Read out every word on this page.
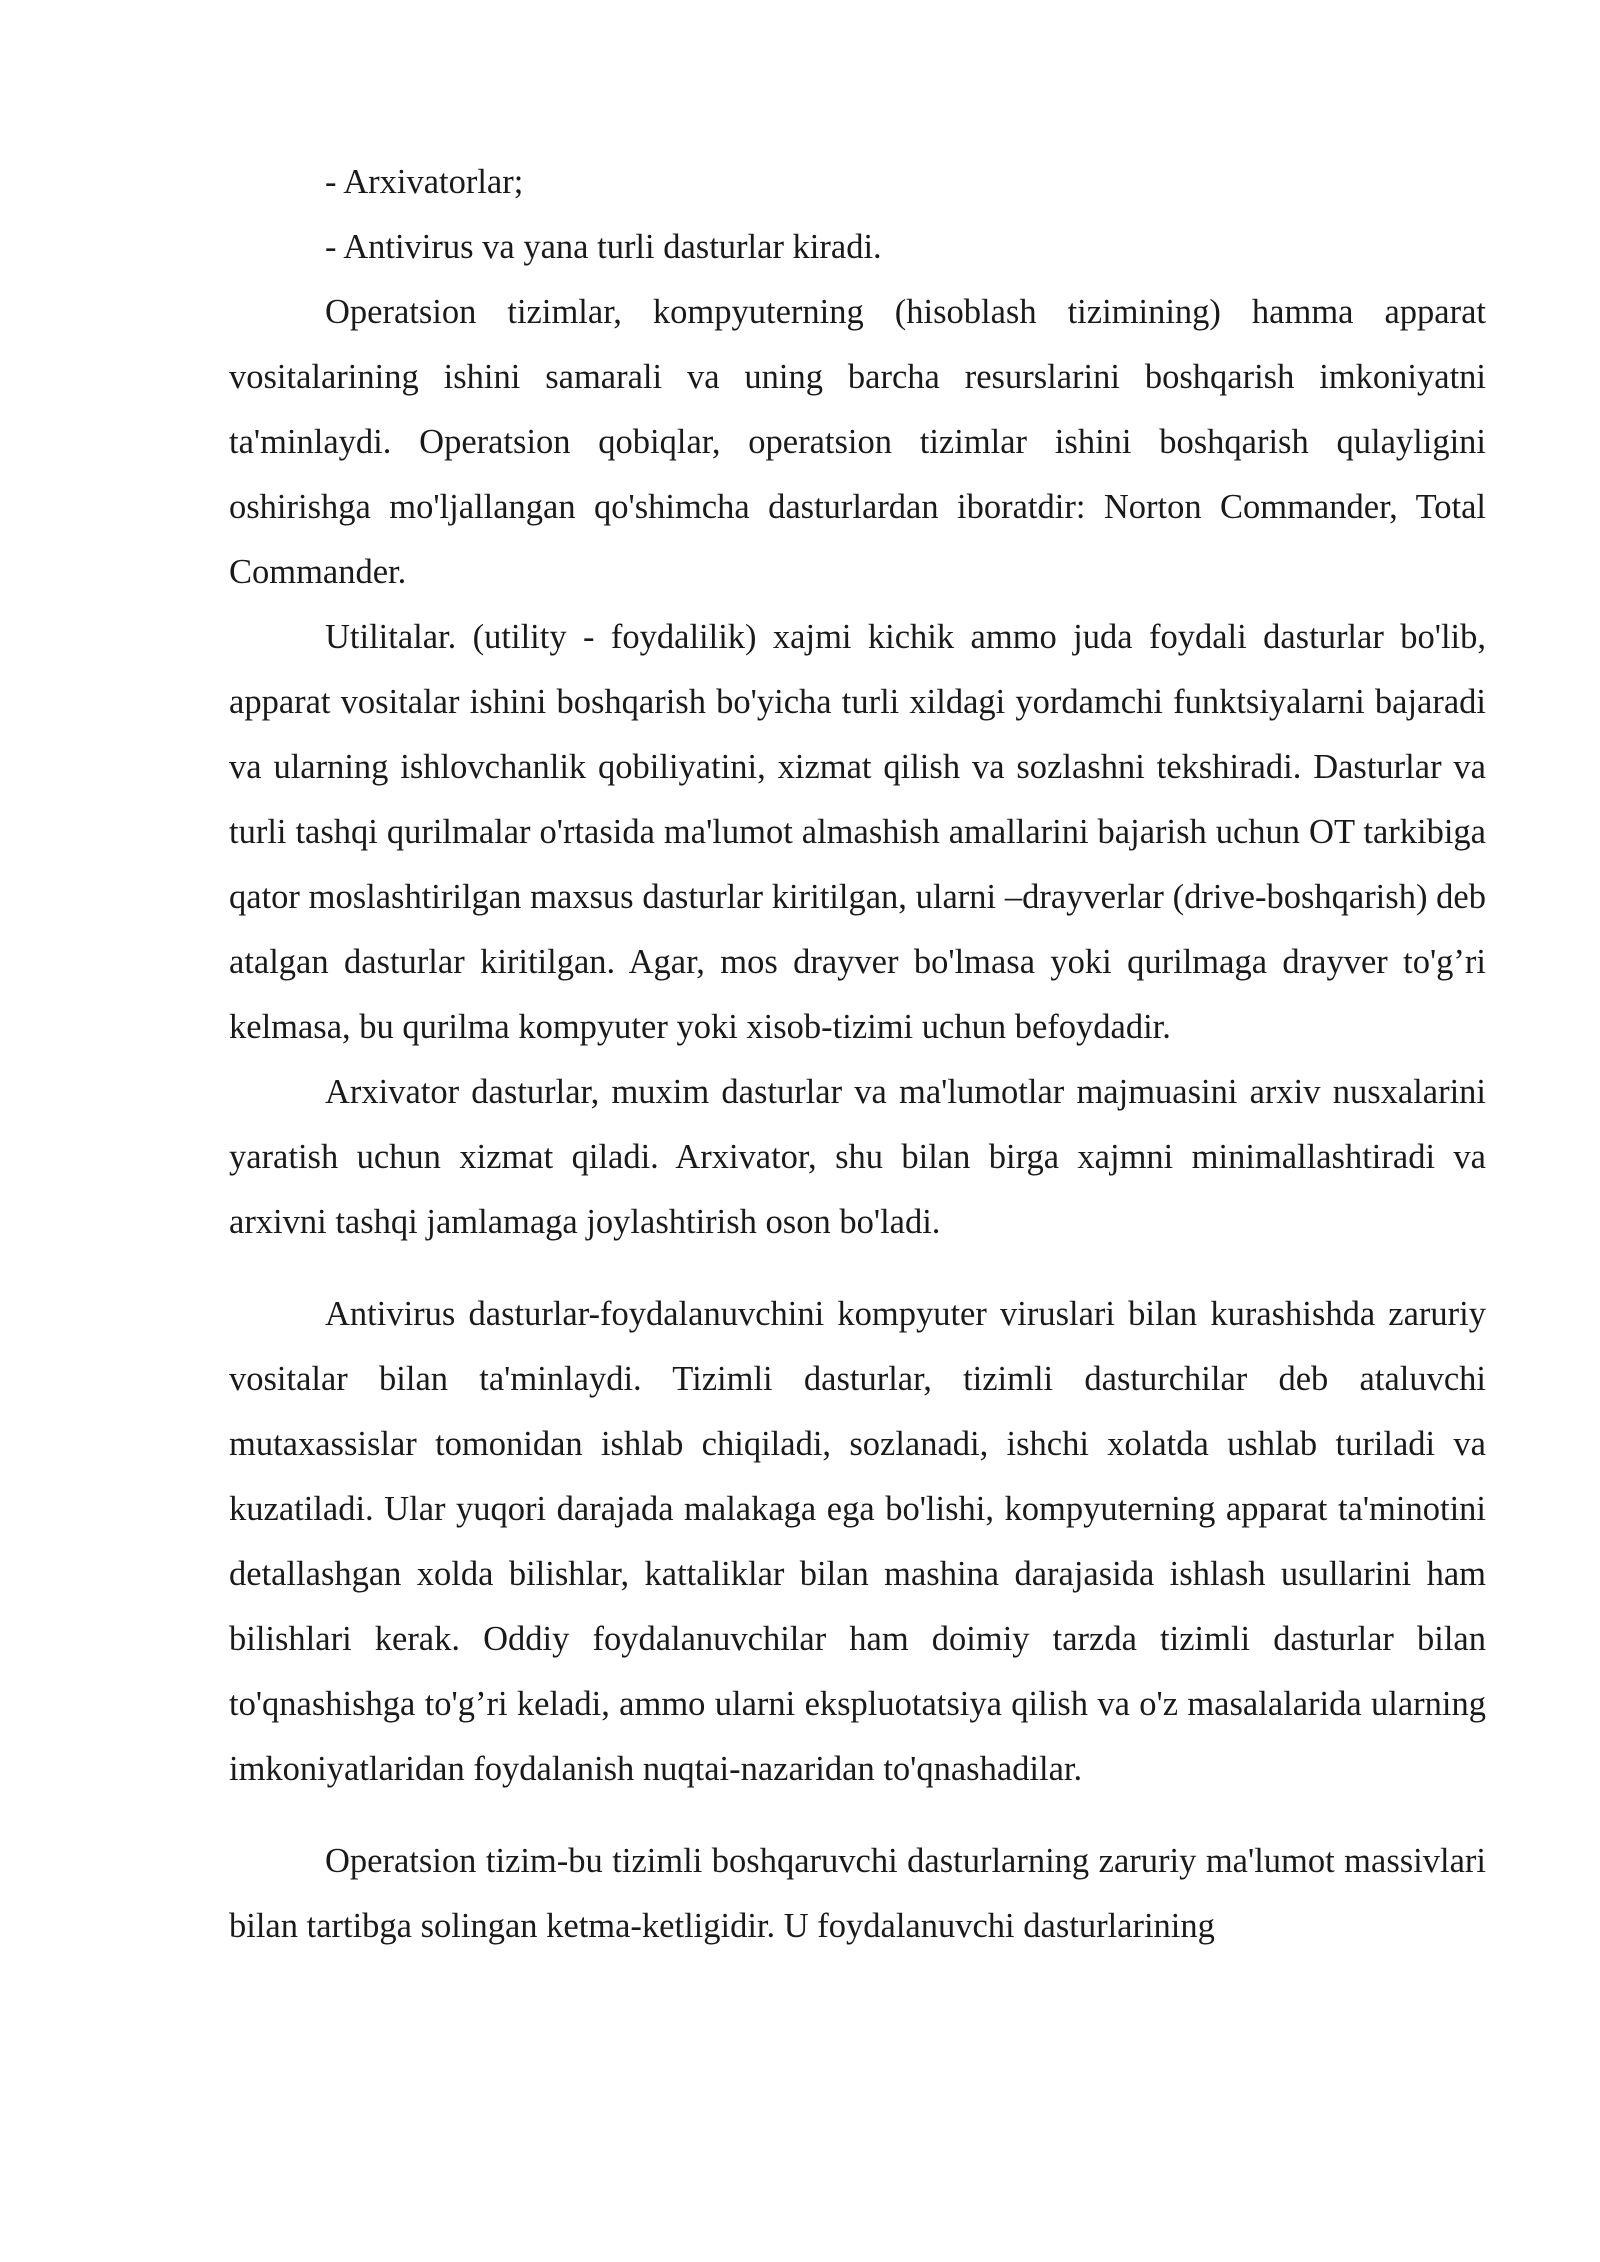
- Arxivatorlar;

- Antivirus va yana turli dasturlar kiradi.

Operatsion tizimlar, kompyuterning (hisoblash tizimining) hamma apparat vositalarining ishini samarali va uning barcha resurslarini boshqarish imkoniyatni ta'minlaydi. Operatsion qobiqlar, operatsion tizimlar ishini boshqarish qulayligini oshirishga mo'ljallangan qo'shimcha dasturlardan iboratdir: Norton Commander, Total Commander.

Utilitalar. (utility - foydalilik) xajmi kichik ammo juda foydali dasturlar bo'lib, apparat vositalar ishini boshqarish bo'yicha turli xildagi yordamchi funktsiyalarni bajaradi va ularning ishlovchanlik qobiliyatini, xizmat qilish va sozlashni tekshiradi. Dasturlar va turli tashqi qurilmalar o'rtasida ma'lumot almashish amallarini bajarish uchun OT tarkibiga qator moslashtirilgan maxsus dasturlar kiritilgan, ularni –drayverlar (drive-boshqarish) deb atalgan dasturlar kiritilgan. Agar, mos drayver bo'lmasa yoki qurilmaga drayver to'g’ri kelmasa, bu qurilma kompyuter yoki xisob-tizimi uchun befoydadir.

Arxivator dasturlar, muxim dasturlar va ma'lumotlar majmuasini arxiv nusxalarini yaratish uchun xizmat qiladi. Arxivator, shu bilan birga xajmni minimallashtiradi va arxivni tashqi jamlamaga joylashtirish oson bo'ladi.

Antivirus dasturlar-foydalanuvchini kompyuter viruslari bilan kurashishda zaruriy vositalar bilan ta'minlaydi. Tizimli dasturlar, tizimli dasturchilar deb ataluvchi mutaxassislar tomonidan ishlab chiqiladi, sozlanadi, ishchi xolatda ushlab turiladi va kuzatiladi. Ular yuqori darajada malakaga ega bo'lishi, kompyuterning apparat ta'minotini detallashgan xolda bilishlar, kattaliklar bilan mashina darajasida ishlash usullarini ham bilishlari kerak. Oddiy foydalanuvchilar ham doimiy tarzda tizimli dasturlar bilan to'qnashishga to'g’ri keladi, ammo ularni ekspluotatsiya qilish va o'z masalalarida ularning imkoniyatlaridan foydalanish nuqtai-nazaridan to'qnashadilar.

Operatsion tizim-bu tizimli boshqaruvchi dasturlarning zaruriy ma'lumot massivlari bilan tartibga solingan ketma-ketligidir. U foydalanuvchi dasturlarining
